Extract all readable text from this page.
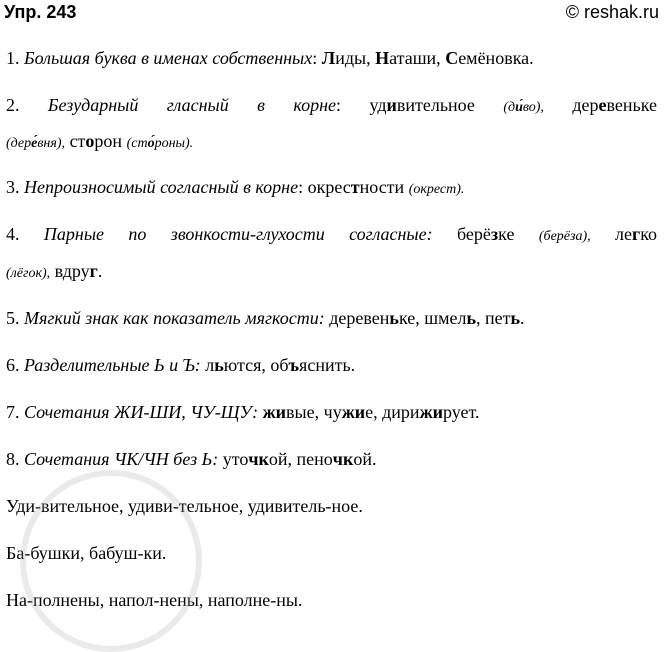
Упр. 243	© reshak.ru
1. Большая буква в именах собственных: Лиды, Наташи, Семёновка.
2. Безударный гласный в корне: удивительное (ди́во), деревеньке
(дере́вня), сторон (сто́роны).
3. Непроизносимый согласный в корне: окрестности (окрест).
4. Парные по звонкости-глухости согласные: берёзке (берёза), легко
(лёгок), вдруг.
5. Мягкий знак как показатель мягкости: деревеньке, шмель, петь.
6. Разделительные Ь и Ъ: льются, объяснить.
7. Сочетания ЖИ-ШИ, ЧУ-ЩУ: живые, чужие, дирижирует.
8. Сочетания ЧК/ЧН без Ь: уточкой, пеночкой.
Уди-вительное, удиви-тельное, удивитель-ное.
Ба-бушки, бабуш-ки.
На-полнены, напол-нены, наполне-ны.
